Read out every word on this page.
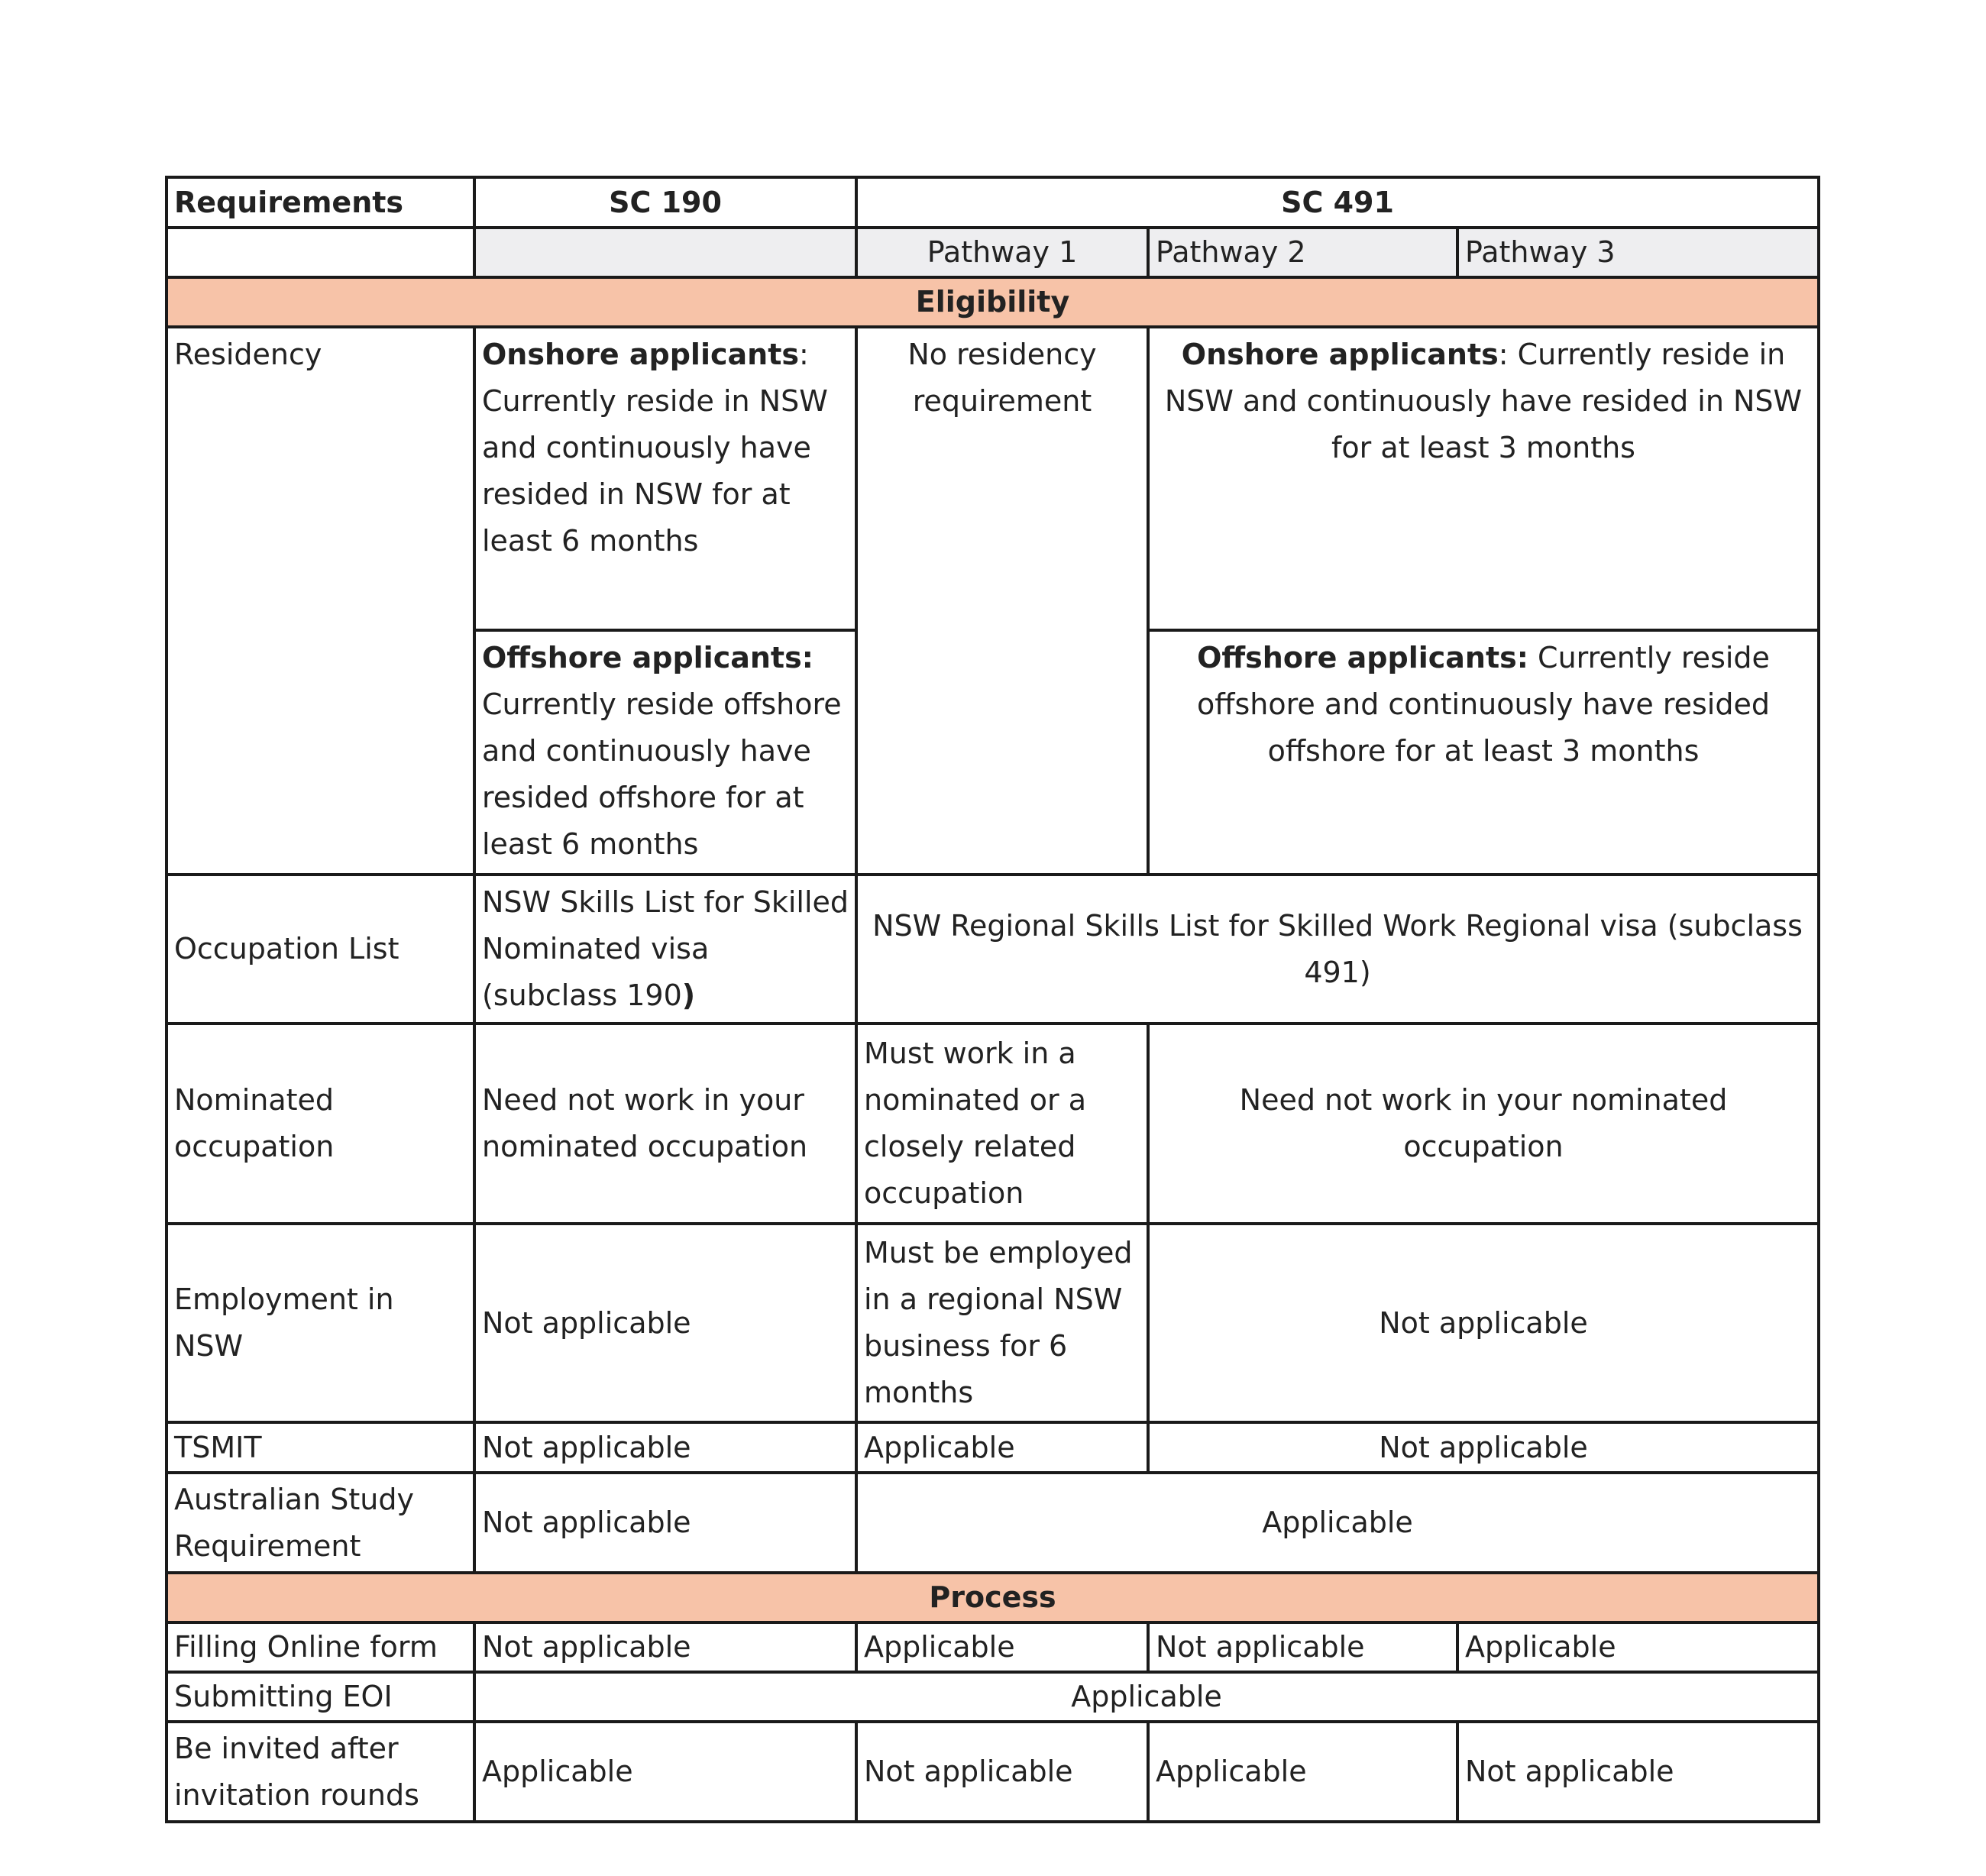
Requirements	SC 190	SC 491		
		Pathway 1	Pathway 2	Pathway 3
Eligibility				
Residency	Onshore applicants: Currently reside in NSW and continuously have resided in NSW for at least 6 months	No residency requirement	Onshore applicants: Currently reside in NSW and continuously have resided in NSW for at least 3 months	
	Offshore applicants: Currently reside offshore and continuously have resided offshore for at least 6 months		Offshore applicants: Currently reside offshore and continuously have resided offshore for at least 3 months	
Occupation List	NSW Skills List for Skilled Nominated visa (subclass 190)	NSW Regional Skills List for Skilled Work Regional visa (subclass 491)		
Nominated occupation	Need not work in your nominated occupation	Must work in a nominated or a closely related occupation	Need not work in your nominated occupation	
Employment in NSW	Not applicable	Must be employed in a regional NSW business for 6 months	Not applicable	
TSMIT	Not applicable	Applicable	Not applicable	
Australian Study Requirement	Not applicable	Applicable		
Process				
Filling Online form	Not applicable	Applicable	Not applicable	Applicable
Submitting EOI	Applicable			
Be invited after invitation rounds	Applicable	Not applicable	Applicable	Not applicable
